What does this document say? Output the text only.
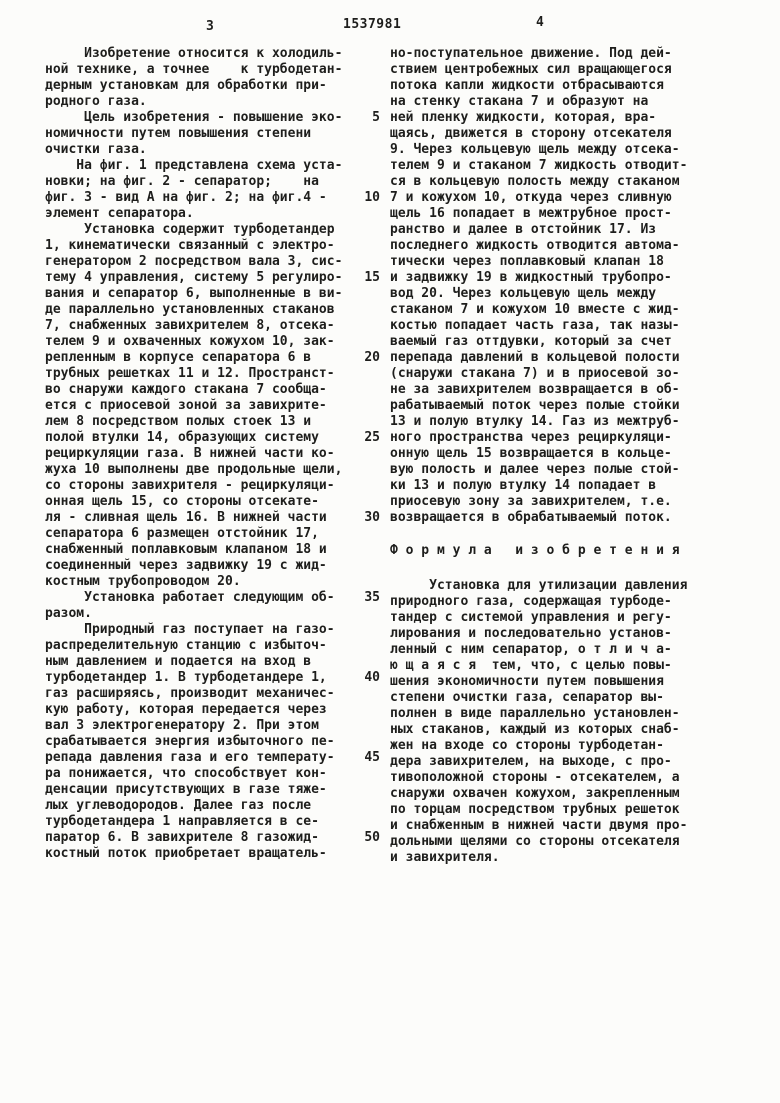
3	1537981	4
Изобретение относится к холодиль-
ной технике, а точнее    к турбодетан-
дерным установкам для обработки при-
родного газа.
Цель изобретения - повышение эко-
номичности путем повышения степени
очистки газа.
На фиг. 1 представлена схема уста-
новки; на фиг. 2 - сепаратор;    на
фиг. 3 - вид А на фиг. 2; на фиг.4 -
элемент сепаратора.
Установка содержит турбодетандер
1, кинематически связанный с электро-
генератором 2 посредством вала 3, сис-
тему 4 управления, систему 5 регулиро-
вания и сепаратор 6, выполненные в ви-
де параллельно установленных стаканов
7, снабженных завихрителем 8, отсека-
телем 9 и охваченных кожухом 10, зак-
репленным в корпусе сепаратора 6 в
трубных решетках 11 и 12. Пространст-
во снаружи каждого стакана 7 сообща-
ется с приосевой зоной за завихрите-
лем 8 посредством полых стоек 13 и
полой втулки 14, образующих систему
рециркуляции газа. В нижней части ко-
жуха 10 выполнены две продольные щели,
со стороны завихрителя - рециркуляци-
онная щель 15, со стороны отсекате-
ля - сливная щель 16. В нижней части
сепаратора 6 размещен отстойник 17,
снабженный поплавковым клапаном 18 и
соединенный через задвижку 19 с жид-
костным трубопроводом 20.
Установка работает следующим об-
разом.
Природный газ поступает на газо-
распределительную станцию с избыточ-
ным давлением и подается на вход в
турбодетандер 1. В турбодетандере 1,
газ расширяясь, производит механичес-
кую работу, которая передается через
вал 3 электрогенератору 2. При этом
срабатывается энергия избыточного пе-
репада давления газа и его температу-
ра понижается, что способствует кон-
денсации присутствующих в газе тяже-
лых углеводородов. Далее газ после
турбодетандера 1 направляется в се-
паратор 6. В завихрителе 8 газожид-
костный поток приобретает вращатель-
5
10
15
20
25
30
35
40
45
50
но-поступательное движение. Под дей-
ствием центробежных сил вращающегося
потока капли жидкости отбрасываются
на стенку стакана 7 и образуют на
ней пленку жидкости, которая, вра-
щаясь, движется в сторону отсекателя
9. Через кольцевую щель между отсека-
телем 9 и стаканом 7 жидкость отводит-
ся в кольцевую полость между стаканом
7 и кожухом 10, откуда через сливную
щель 16 попадает в межтрубное прост-
ранство и далее в отстойник 17. Из
последнего жидкость отводится автома-
тически через поплавковый клапан 18
и задвижку 19 в жидкостный трубопро-
вод 20. Через кольцевую щель между
стаканом 7 и кожухом 10 вместе с жид-
костью попадает часть газа, так назы-
ваемый газ оттдувки, который за счет
перепада давлений в кольцевой полости
(снаружи стакана 7) и в приосевой зо-
не за завихрителем возвращается в об-
рабатываемый поток через полые стойки
13 и полую втулку 14. Газ из межтруб-
ного пространства через рециркуляци-
онную щель 15 возвращается в кольце-
вую полость и далее через полые стой-
ки 13 и полую втулку 14 попадает в
приосевую зону за завихрителем, т.е.
возвращается в обрабатываемый поток.
Ф о р м у л а   и з о б р е т е н и я
Установка для утилизации давления
природного газа, содержащая турбоде-
тандер с системой управления и регу-
лирования и последовательно установ-
ленный с ним сепаратор, о т л и ч а-
ю щ а я с я  тем, что, с целью повы-
шения экономичности путем повышения
степени очистки газа, сепаратор вы-
полнен в виде параллельно установлен-
ных стаканов, каждый из которых снаб-
жен на входе со стороны турбодетан-
дера завихрителем, на выходе, с про-
тивоположной стороны - отсекателем, а
снаружи охвачен кожухом, закрепленным
по торцам посредством трубных решеток
и снабженным в нижней части двумя про-
дольными щелями со стороны отсекателя
и завихрителя.
